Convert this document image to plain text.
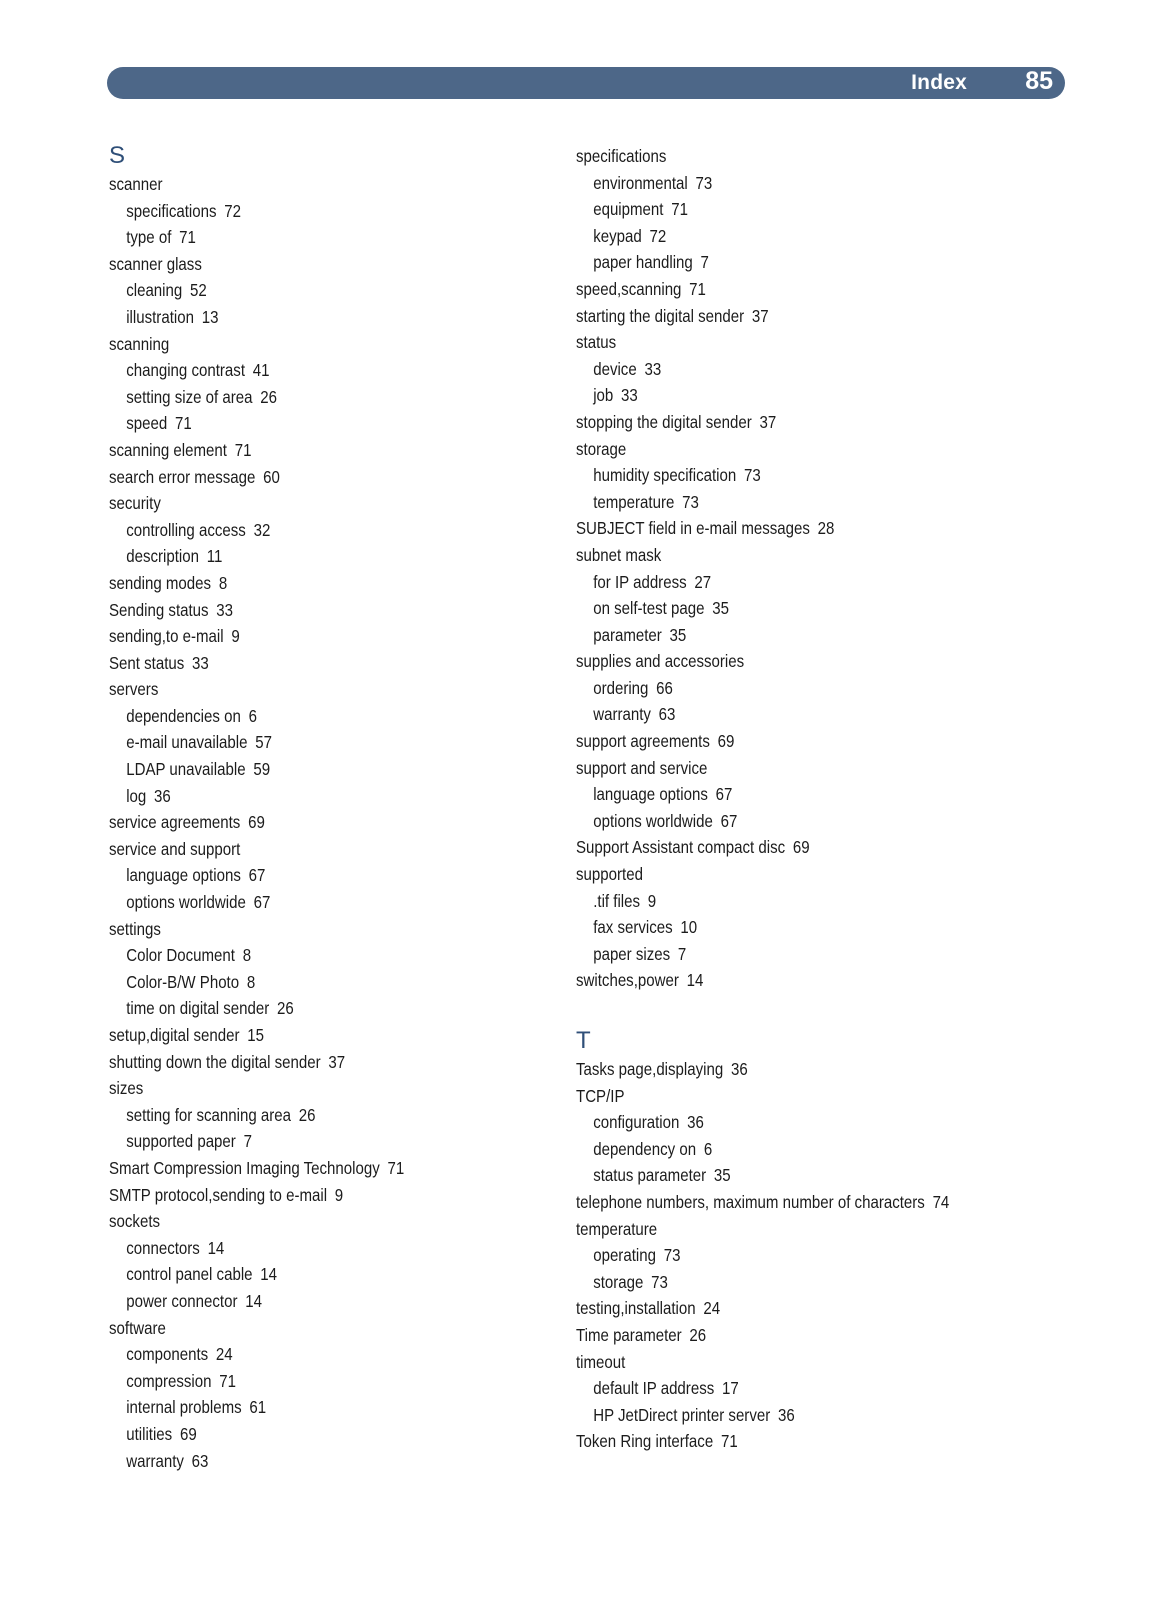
Index 85
S
scanner
specifications 72
type of 71
scanner glass
cleaning 52
illustration 13
scanning
changing contrast 41
setting size of area 26
speed 71
scanning element 71
search error message 60
security
controlling access 32
description 11
sending modes 8
Sending status 33
sending,to e-mail 9
Sent status 33
servers
dependencies on 6
e-mail unavailable 57
LDAP unavailable 59
log 36
service agreements 69
service and support
language options 67
options worldwide 67
settings
Color Document 8
Color-B/W Photo 8
time on digital sender 26
setup,digital sender 15
shutting down the digital sender 37
sizes
setting for scanning area 26
supported paper 7
Smart Compression Imaging Technology 71
SMTP protocol,sending to e-mail 9
sockets
connectors 14
control panel cable 14
power connector 14
software
components 24
compression 71
internal problems 61
utilities 69
warranty 63
specifications
environmental 73
equipment 71
keypad 72
paper handling 7
speed,scanning 71
starting the digital sender 37
status
device 33
job 33
stopping the digital sender 37
storage
humidity specification 73
temperature 73
SUBJECT field in e-mail messages 28
subnet mask
for IP address 27
on self-test page 35
parameter 35
supplies and accessories
ordering 66
warranty 63
support agreements 69
support and service
language options 67
options worldwide 67
Support Assistant compact disc 69
supported
.tif files 9
fax services 10
paper sizes 7
switches,power 14
T
Tasks page,displaying 36
TCP/IP
configuration 36
dependency on 6
status parameter 35
telephone numbers, maximum number of characters 74
temperature
operating 73
storage 73
testing,installation 24
Time parameter 26
timeout
default IP address 17
HP JetDirect printer server 36
Token Ring interface 71
